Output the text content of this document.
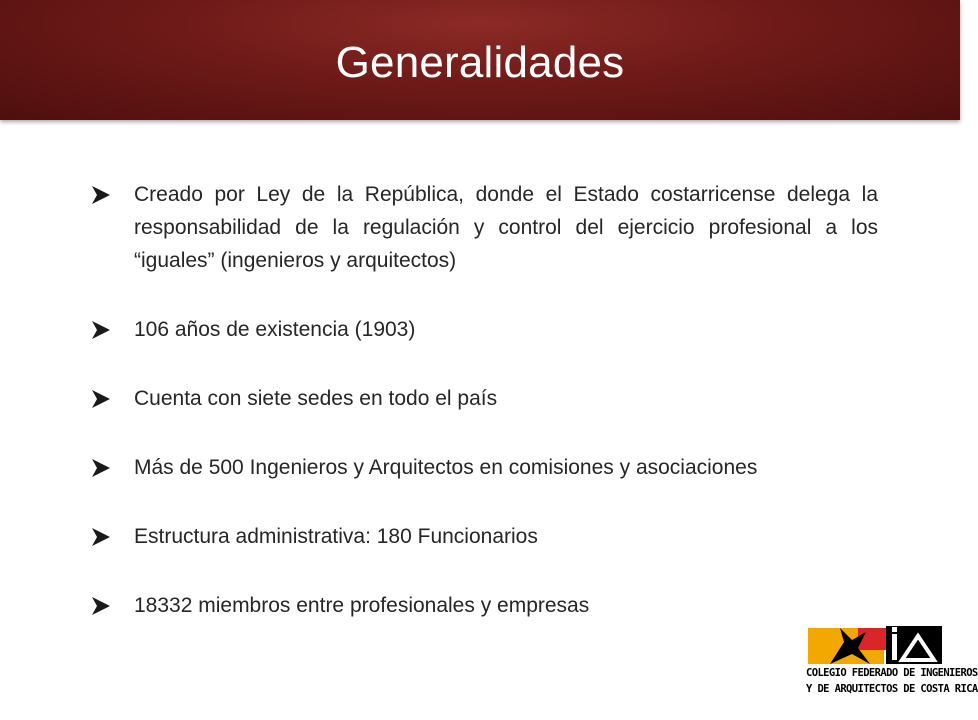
Generalidades
Creado por Ley de la República, donde el Estado costarricense delega la responsabilidad de la regulación y control del ejercicio profesional a los “iguales” (ingenieros y arquitectos)
106 años de existencia (1903)
Cuenta con siete sedes en todo el país
Más de 500 Ingenieros y Arquitectos en comisiones y asociaciones
Estructura administrativa: 180 Funcionarios
18332 miembros entre profesionales y empresas
COLEGIO FEDERADO DE INGENIEROS
Y DE ARQUITECTOS DE COSTA RICA
